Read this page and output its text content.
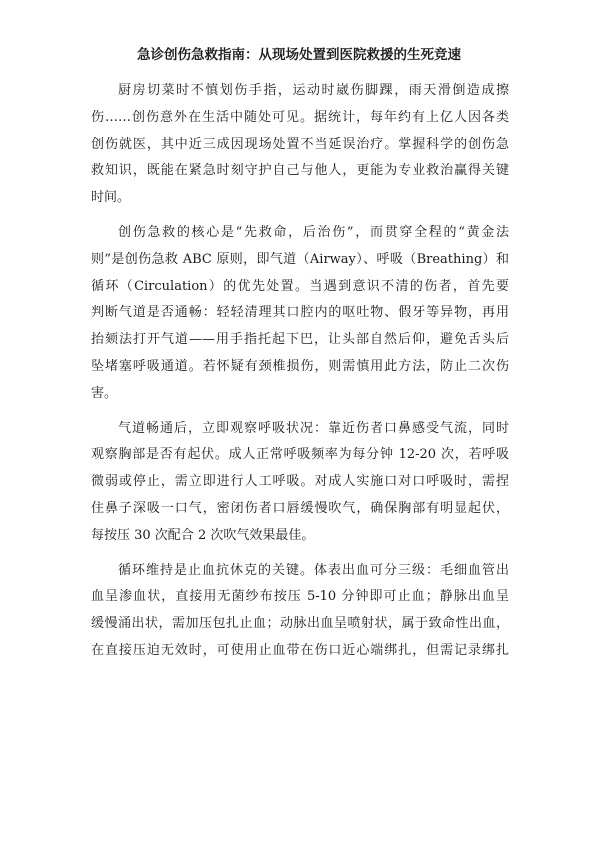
急诊创伤急救指南：从现场处置到医院救援的生死竞速

厨房切菜时不慎划伤手指，运动时崴伤脚踝，雨天滑倒造成擦
伤……创伤意外在生活中随处可见。据统计，每年约有上亿人因各类
创伤就医，其中近三成因现场处置不当延误治疗。掌握科学的创伤急
救知识，既能在紧急时刻守护自己与他人，更能为专业救治赢得关键
时间。

创伤急救的核心是“先救命，后治伤”，而贯穿全程的“黄金法
则”是创伤急救 ABC 原则，即气道（Airway）、呼吸（Breathing）和
循环（Circulation）的优先处置。当遇到意识不清的伤者，首先要
判断气道是否通畅：轻轻清理其口腔内的呕吐物、假牙等异物，再用
抬颏法打开气道——用手指托起下巴，让头部自然后仰，避免舌头后
坠堵塞呼吸通道。若怀疑有颈椎损伤，则需慎用此方法，防止二次伤
害。

气道畅通后，立即观察呼吸状况：靠近伤者口鼻感受气流，同时
观察胸部是否有起伏。成人正常呼吸频率为每分钟 12-20 次，若呼吸
微弱或停止，需立即进行人工呼吸。对成人实施口对口呼吸时，需捏
住鼻子深吸一口气，密闭伤者口唇缓慢吹气，确保胸部有明显起伏，
每按压 30 次配合 2 次吹气效果最佳。

循环维持是止血抗休克的关键。体表出血可分三级：毛细血管出
血呈渗血状，直接用无菌纱布按压 5-10 分钟即可止血；静脉出血呈
缓慢涌出状，需加压包扎止血；动脉出血呈喷射状，属于致命性出血，
在直接压迫无效时，可使用止血带在伤口近心端绑扎，但需记录绑扎
